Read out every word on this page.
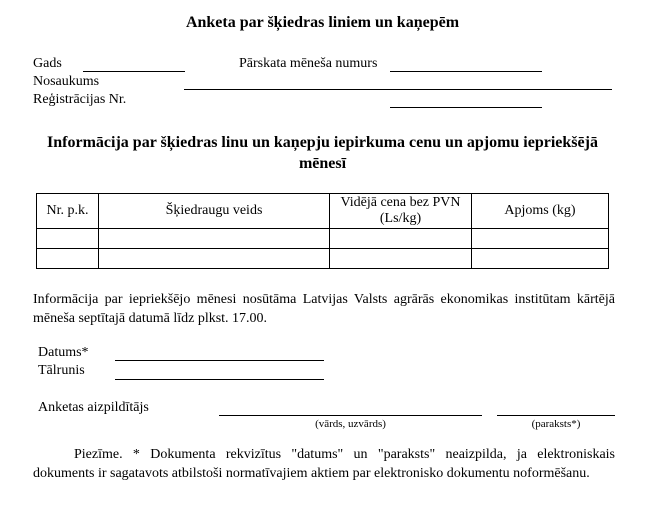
Anketa par šķiedras liniem un kaņepēm
Gads	Pārskata mēneša numurs
Nosaukums
Reģistrācijas Nr.
Informācija par šķiedras linu un kaņepju iepirkuma cenu un apjomu iepriekšējā mēnesī
Nr. p.k.	Šķiedraugu veids	Vidējā cena bez PVN (Ls/kg)	Apjoms (kg)

Informācija par iepriekšējo mēnesi nosūtāma Latvijas Valsts agrārās ekonomikas institūtam kārtējā mēneša septītajā datumā līdz plkst. 17.00.
Datums*
Tālrunis
Anketas aizpildītājs
(vārds, uzvārds)	(paraksts*)
Piezīme. * Dokumenta rekvizītus "datums" un "paraksts" neaizpilda, ja elektroniskais dokuments ir sagatavots atbilstoši normatīvajiem aktiem par elektronisko dokumentu noformēšanu.
